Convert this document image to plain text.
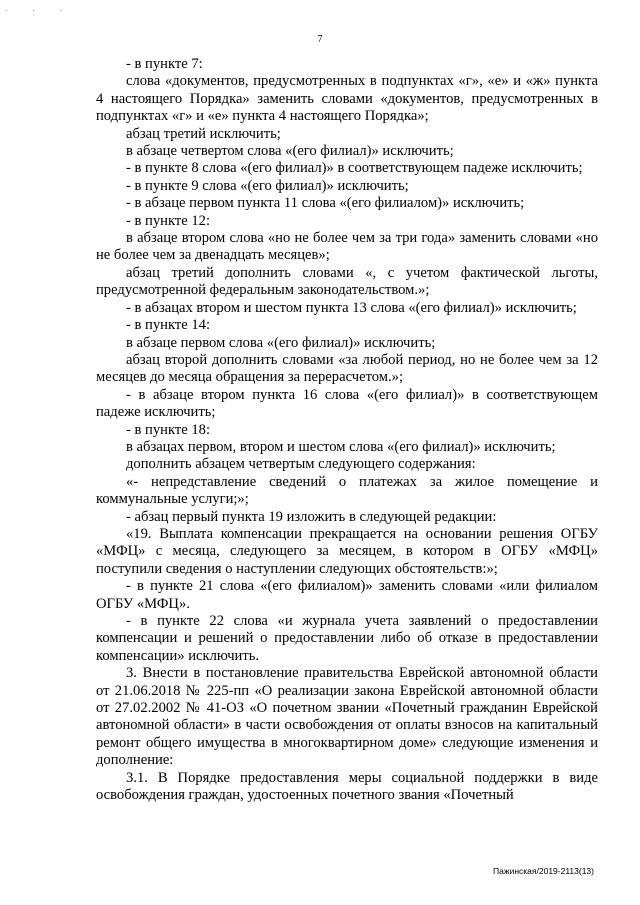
˙ ˙ ˙
7

- в пункте 7:

слова «документов, предусмотренных в подпунктах «г», «е» и «ж» пункта 4 настоящего Порядка» заменить словами «документов, предусмотренных в подпунктах «г» и «е» пункта 4 настоящего Порядка»;

абзац третий исключить;

в абзаце четвертом слова «(его филиал)» исключить;

- в пункте 8 слова «(его филиал)» в соответствующем падеже исключить;

- в пункте 9 слова «(его филиал)» исключить;

- в абзаце первом пункта 11 слова «(его филиалом)» исключить;

- в пункте 12:

в абзаце втором слова «но не более чем за три года» заменить словами «но не более чем за двенадцать месяцев»;

абзац третий дополнить словами «, с учетом фактической льготы, предусмотренной федеральным законодательством.»;

- в абзацах втором и шестом пункта 13 слова «(его филиал)» исключить;

- в пункте 14:

в абзаце первом слова «(его филиал)» исключить;

абзац второй дополнить словами «за любой период, но не более чем за 12 месяцев до месяца обращения за перерасчетом.»;

- в абзаце втором пункта 16 слова «(его филиал)» в соответствующем падеже исключить;

- в пункте 18:

в абзацах первом, втором и шестом слова «(его филиал)» исключить;

дополнить абзацем четвертым следующего содержания:

«- непредставление сведений о платежах за жилое помещение и коммунальные услуги;»;

- абзац первый пункта 19 изложить в следующей редакции:

«19. Выплата компенсации прекращается на основании решения ОГБУ «МФЦ» с месяца, следующего за месяцем, в котором в ОГБУ «МФЦ» поступили сведения о наступлении следующих обстоятельств:»;

- в пункте 21 слова «(его филиалом)» заменить словами «или филиалом ОГБУ «МФЦ».

- в пункте 22 слова «и журнала учета заявлений о предоставлении компенсации и решений о предоставлении либо об отказе в предоставлении компенсации» исключить.

3. Внести в постановление правительства Еврейской автономной области от 21.06.2018 № 225-пп «О реализации закона Еврейской автономной области от 27.02.2002 № 41-ОЗ «О почетном звании «Почетный гражданин Еврейской автономной области» в части освобождения от оплаты взносов на капитальный ремонт общего имущества в многоквартирном доме» следующие изменения и дополнение:

3.1. В Порядке предоставления меры социальной поддержки в виде освобождения граждан, удостоенных почетного звания «Почетный

Пажинская/2019-2113(13)
